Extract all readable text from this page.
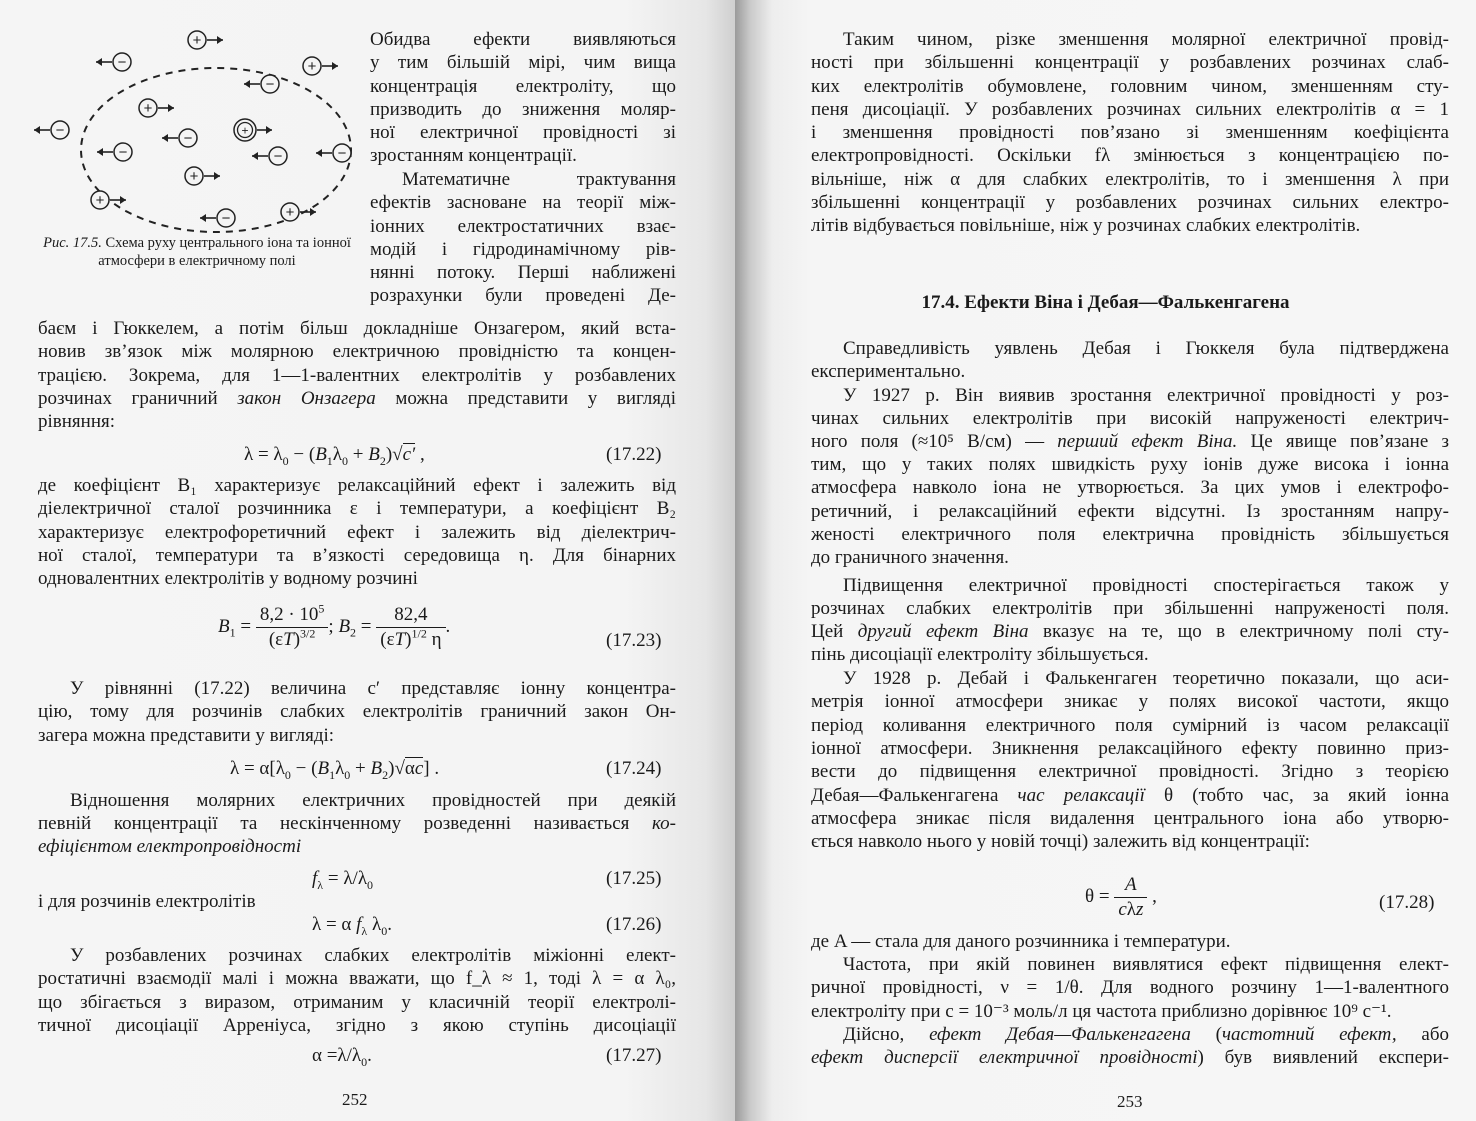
+
−	+
−
+
−	−
−
−	−
+
+
−	+
+
Рис. 17.5. Схема руху центрального іона та іонної атмосфери в електричному полі
Обидва ефекти виявляються
у тим більшій мірі, чим вища
концентрація електроліту, що
призводить до зниження моляр-
ної електричної провідності зі
зростанням концентрації.
Математичне трактування
ефектів засноване на теорії між-
іонних електростатичних взає-
модій і гідродинамічному рів-
нянні потоку. Перші наближені
розрахунки були проведені Де-
баєм і Гюккелем, а потім більш докладніше Онзагером, який вста-
новив зв’язок між молярною електричною провідністю та концен-
трацією. Зокрема, для 1—1-валентних електролітів у розбавлених
розчинах граничний закон Онзагера можна представити у вигляді
рівняння:
$\lambda = \lambda_0 - (B_1\lambda_0 + B_2)√c'$ ,	(17.22)
де коефіцієнт B₁ характеризує релаксаційний ефект і залежить від
діелектричної сталої розчинника ε і температури, а коефіцієнт B₂
характеризує електрофоретичний ефект і залежить від діелектрич-
ної сталої, температури та в’язкості середовища η. Для бінарних
одновалентних електролітів у водному розчині
$B_1 = \frac{8,2 \cdot 10^5}{(\varepsilon T)^{3/2}}$ ; $B_2 = \frac{82,4}{(\varepsilon T)^{1/2} \eta}$ .
(17.23)
У рівнянні (17.22) величина c′ представляє іонну концентра-
цію, тому для розчинів слабких електролітів граничний закон Он-
загера можна представити у вигляді:
$\lambda = \alpha[\lambda_0 - (B_1\lambda_0 + B_2)√\alpha c]$ .	(17.24)
Відношення молярних електричних провідностей при деякій
певній концентрації та нескінченному розведенні називається ко-
ефіцієнтом електропровідності
$f_\lambda = \lambda/\lambda_0$	(17.25)
і для розчинів електролітів
λ = α $f_\lambda$ $\lambda_0$.	(17.26)
У розбавлених розчинах слабких електролітів міжіонні елект-
ростатичні взаємодії малі і можна вважати, що f_λ ≈ 1, тоді λ = α λ₀,
що збігається з виразом, отриманим у класичній теорії електролі-
тичної дисоціації Арреніуса, згідно з якою ступінь дисоціації
$\alpha =\lambda/\lambda_0$.	(17.27)
252
Таким чином, різке зменшення молярної електричної провід-
ності при збільшенні концентрації у розбавлених розчинах слаб-
ких електролітів обумовлене, головним чином, зменшенням сту-
пеня дисоціації. У розбавлених розчинах сильних електролітів α = 1
і зменшення провідності пов’язано зі зменшенням коефіцієнта
електропровідності. Оскільки fλ змінюється з концентрацією по-
вільніше, ніж α для слабких електролітів, то і зменшення λ при
збільшенні концентрації у розбавлених розчинах сильних електро-
літів відбувається повільніше, ніж у розчинах слабких електролітів.
17.4. Ефекти Віна і Дебая—Фалькенгагена
Справедливість уявлень Дебая і Гюккеля була підтверджена
експериментально.
У 1927 р. Він виявив зростання електричної провідності у роз-
чинах сильних електролітів при високій напруженості електрич-
ного поля (≈10⁵ В/см) — перший ефект Віна. Це явище пов’язане з
тим, що у таких полях швидкість руху іонів дуже висока і іонна
атмосфера навколо іона не утворюється. За цих умов і електрофо-
ретичний, і релаксаційний ефекти відсутні. Із зростанням напру-
женості електричного поля електрична провідність збільшується
до граничного значення.
Підвищення електричної провідності спостерігається також у
розчинах слабких електролітів при збільшенні напруженості поля.
Цей другий ефект Віна вказує на те, що в електричному полі сту-
пінь дисоціації електроліту збільшується.
У 1928 р. Дебай і Фалькенгаген теоретично показали, що аси-
метрія іонної атмосфери зникає у полях високої частоти, якщо
період коливання електричного поля сумірний із часом релаксації
іонної атмосфери. Зникнення релаксаційного ефекту повинно приз-
вести до підвищення електричної провідності. Згідно з теорією
Дебая—Фалькенгагена час релаксації θ (тобто час, за який іонна
атмосфера зникає після видалення центрального іона або утворю-
ється навколо нього у новій точці) залежить від концентрації:
$\theta = \frac{A}{\text{cλz}}$ ,	(17.28)
де A — стала для даного розчинника і температури.
Частота, при якій повинен виявлятися ефект підвищення елект-
ричної провідності, ν = 1/θ. Для водного розчину 1—1-валентного
електроліту при c = 10⁻³ моль/л ця частота приблизно дорівнює 10⁹ c⁻¹.
Дійсно, ефект Дебая—Фалькенгагена (частотний ефект, або
ефект дисперсії електричної провідності) був виявлений експери-
253
